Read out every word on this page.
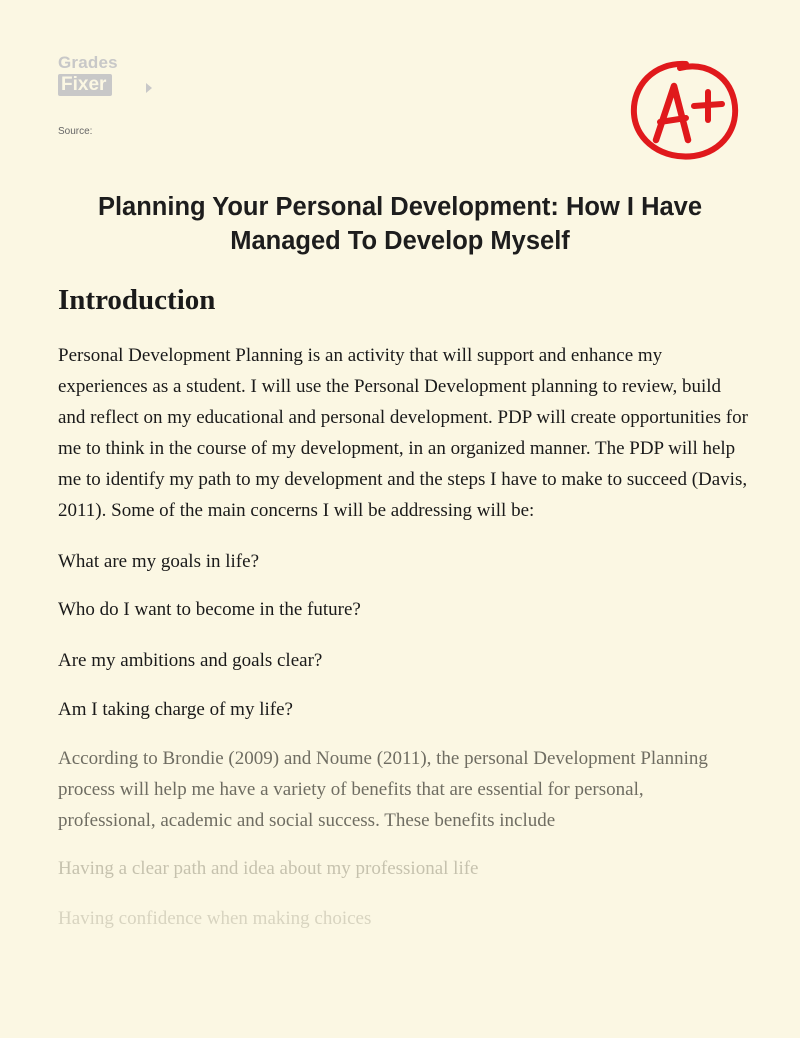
Grades
Fixer
Source:
Planning Your Personal Development: How I Have Managed To Develop Myself
Introduction
Personal Development Planning is an activity that will support and enhance my experiences as a student. I will use the Personal Development planning to review, build and reflect on my educational and personal development. PDP will create opportunities for me to think in the course of my development, in an organized manner. The PDP will help me to identify my path to my development and the steps I have to make to succeed (Davis, 2011). Some of the main concerns I will be addressing will be:
What are my goals in life?
Who do I want to become in the future?
Are my ambitions and goals clear?
Am I taking charge of my life?
According to Brondie (2009) and Noume (2011), the personal Development Planning process will help me have a variety of benefits that are essential for personal, professional, academic and social success. These benefits include
Having a clear path and idea about my professional life
Having confidence when making choices
